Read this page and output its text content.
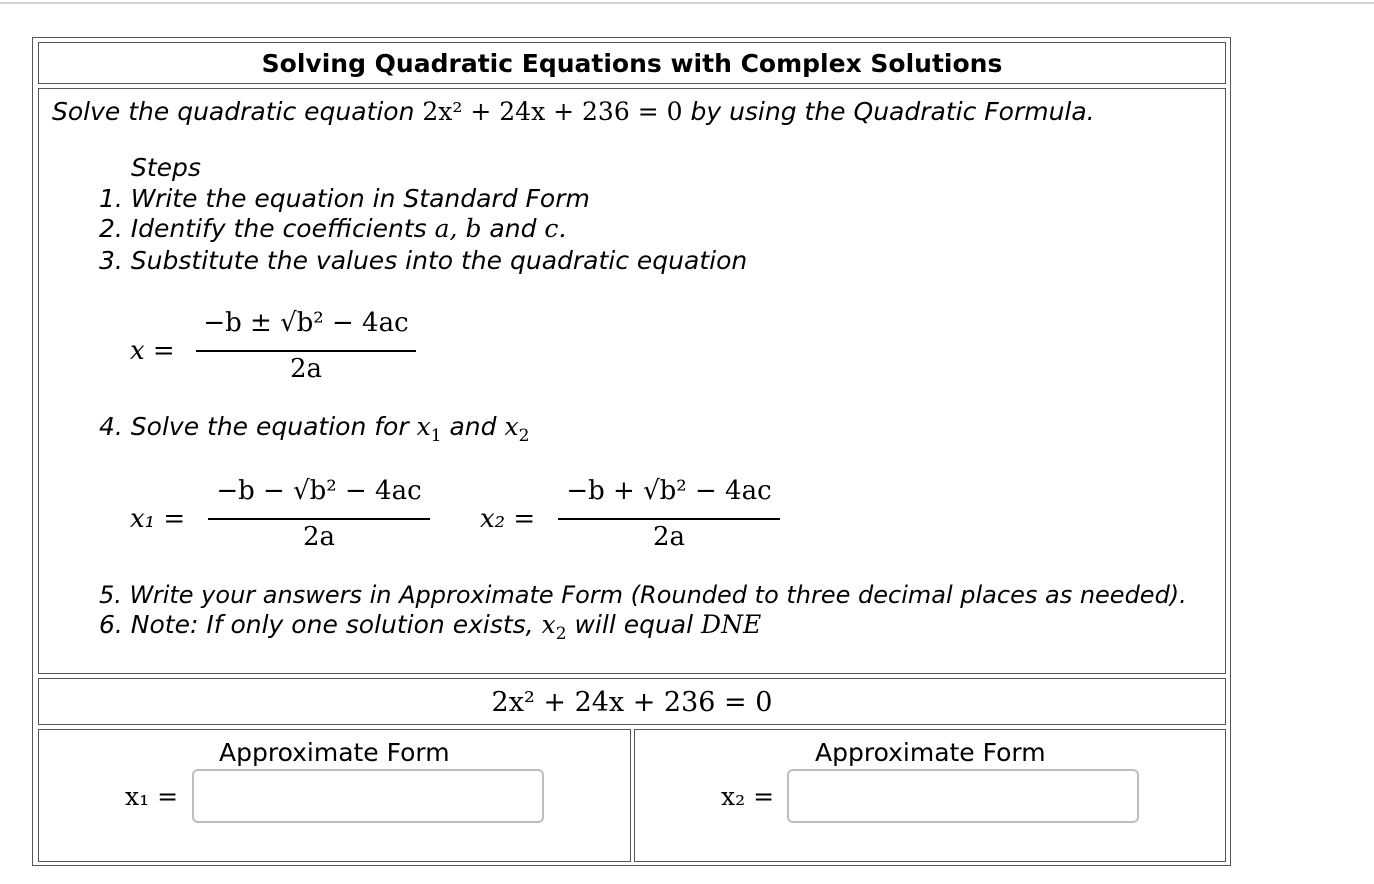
Solving Quadratic Equations with Complex Solutions
Solve the quadratic equation 2x² + 24x + 236 = 0 by using the Quadratic Formula.
Steps
1. Write the equation in Standard Form
2. Identify the coefficients a, b and c.
3. Substitute the values into the quadratic equation
x =
−b ± √b² − 4ac
2a
4. Solve the equation for $x_1$ and $x_2$
x₁ =
−b − √b² − 4ac
2a
x₂ =
−b + √b² − 4ac
2a
5. Write your answers in Approximate Form (Rounded to three decimal places as needed).
6. Note: If only one solution exists, $x_2$ will equal DNE
2x² + 24x + 236 = 0
Approximate Form
x₁ =
Approximate Form
x₂ =
